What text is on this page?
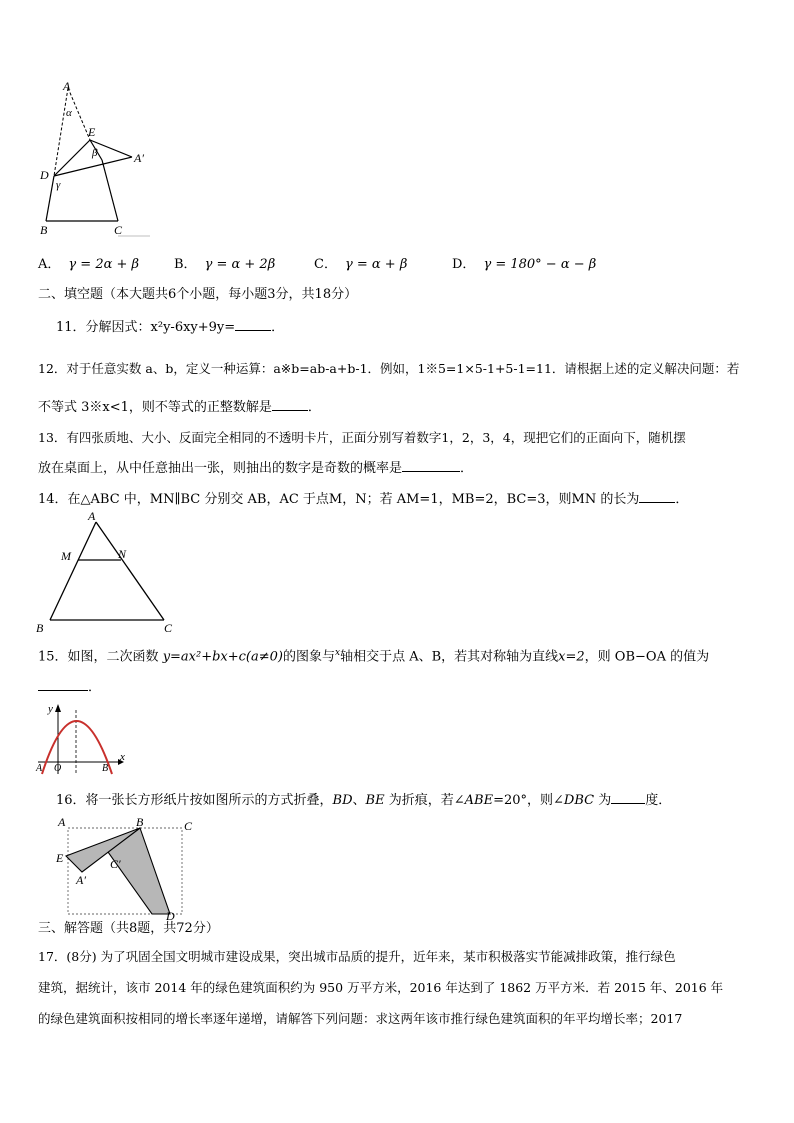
A
α
E
β	A′
D
γ
B	C
A． γ = 2α + β	B． γ = α + 2β	C． γ = α + β	D． γ = 180° − α − β
二、填空题（本大题共6个小题，每小题3分，共18分）
11．分解因式：x²y-6xy+9y=	．
12．对于任意实数 a、b，定义一种运算：a※b=ab-a+b-1．例如，1※5=1×5-1+5-1=11．请根据上述的定义解决问题：若
不等式 3※x<1，则不等式的正整数解是	．
13．有四张质地、大小、反面完全相同的不透明卡片，正面分别写着数字1，2，3，4，现把它们的正面向下，随机摆
放在桌面上，从中任意抽出一张，则抽出的数字是奇数的概率是	．
14．在△ABC 中，MN∥BC 分别交 AB，AC 于点M，N；若 AM=1，MB=2，BC=3，则MN 的长为	．
A
M	N
B	C
15．如图，二次函数 y=ax²+bx+c(a≠0)的图象与$^x$轴相交于点 A、B，若其对称轴为直线x=2，则 OB−OA 的值为
．
y
x
A O	B
16．将一张长方形纸片按如图所示的方式折叠，BD、BE 为折痕，若∠ABE=20°，则∠DBC 为	度．
A	B	C
E	C′
A′
D
三、解答题（共8题，共72分）
17．(8分) 为了巩固全国文明城市建设成果，突出城市品质的提升，近年来，某市积极落实节能减排政策，推行绿色
建筑，据统计，该市 2014 年的绿色建筑面积约为 950 万平方米，2016 年达到了 1862 万平方米．若 2015 年、2016 年
的绿色建筑面积按相同的增长率逐年递增，请解答下列问题：求这两年该市推行绿色建筑面积的年平均增长率；2017
